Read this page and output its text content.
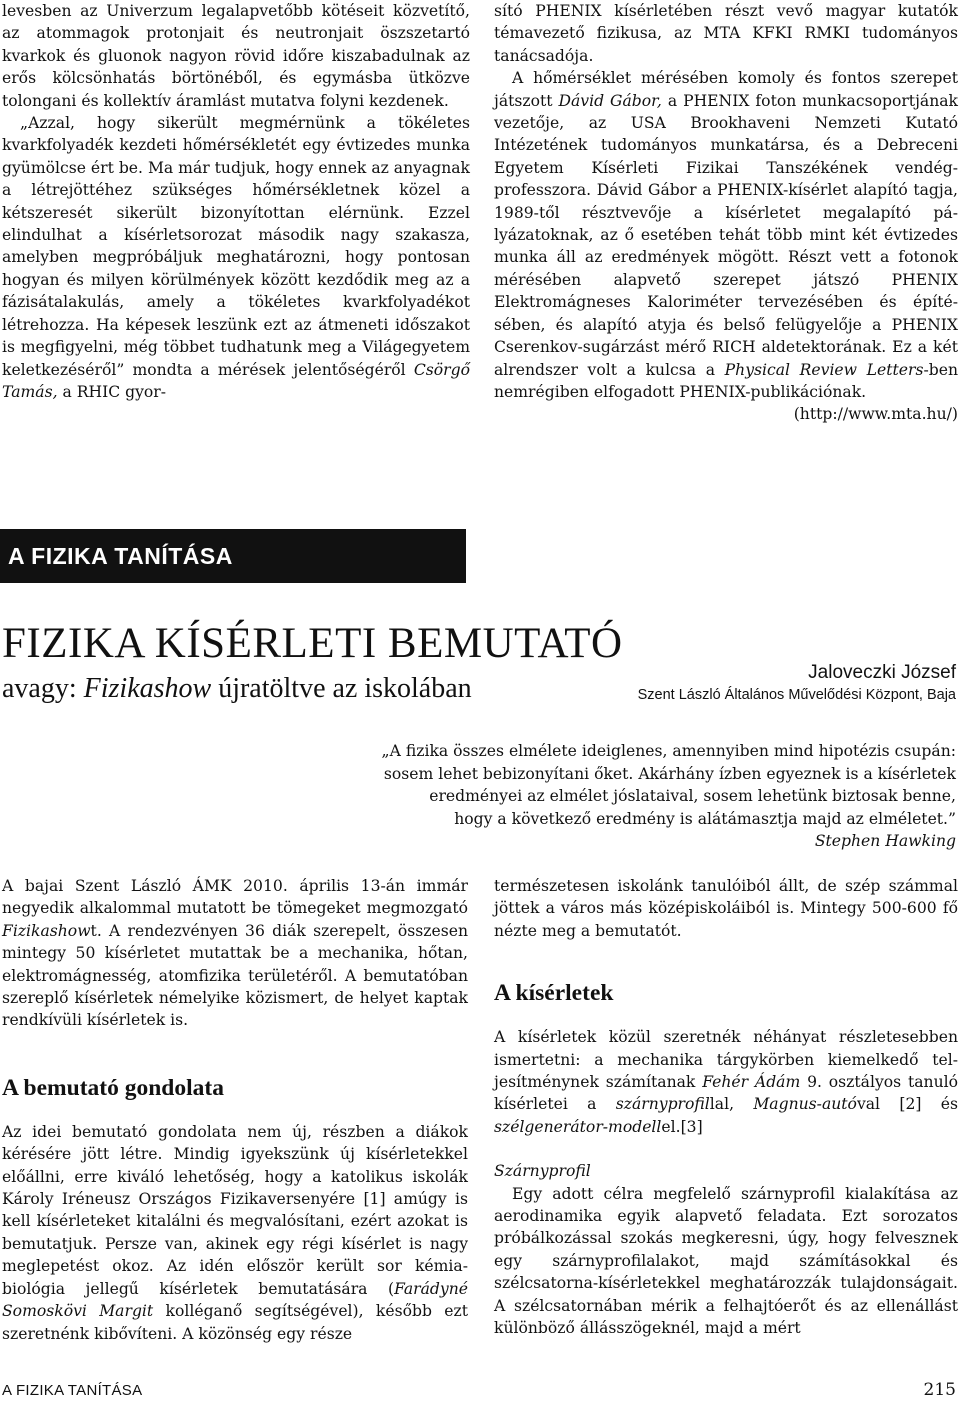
levesben az Univerzum legalapvetőbb kötéseit közvetítő, az atommagok protonjait és neutronjait öszszetartó kvarkok és gluonok nagyon rövid időre kiszabadulnak az erős kölcsönhatás börtönéből, és egymásba ütközve tolongani és kollektív áramlást mutatva folyni kezdenek.

„Azzal, hogy sikerült megmérnünk a tökéletes kvarkfolyadék kezdeti hőmérsékletét egy évtizedes munka gyümölcse ért be. Ma már tudjuk, hogy ennek az anyagnak a létrejöttéhez szükséges hőmérsékletnek közel a kétszeresét sikerült bizonyítottan elérnünk. Ezzel elindulhat a kísérletsorozat második nagy szakasza, amelyben megpróbáljuk meghatározni, hogy pontosan hogyan és milyen körülmények között kezdődik meg az a fázisátalakulás, amely a tökéletes kvarkfolyadékot létrehozza. Ha képesek leszünk ezt az átmeneti időszakot is megfigyelni, még többet tudhatunk meg a Világegyetem keletkezéséről” mondta a mérések jelentőségéről Csörgő Tamás, a RHIC gyor-

sító PHENIX kísérletében részt vevő magyar kutatók témavezető fizikusa, az MTA KFKI RMKI tudományos tanácsadója.

A hőmérséklet mérésében komoly és fontos szerepet játszott Dávid Gábor, a PHENIX foton munkacsoportjának vezetője, az USA Brookhaveni Nemzeti Kutató Intézetének tudományos munkatársa, és a Debreceni Egyetem Kísérleti Fizikai Tanszékének vendégprofesszora. Dávid Gábor a PHENIX-kísérlet alapító tagja, 1989-től résztvevője a kísérletet megalapító pályázatoknak, az ő esetében tehát több mint két évtizedes munka áll az eredmények mögött. Részt vett a fotonok mérésében alapvető szerepet játszó PHENIX Elektromágneses Kaloriméter tervezésében és építésében, és alapító atyja és belső felügyelője a PHENIX Cserenkov-sugárzást mérő RICH aldetektorának. Ez a két alrendszer volt a kulcsa a Physical Review Letters-ben nemrégiben elfogadott PHENIX-publikációnak.

(http://www.mta.hu/)

A FIZIKA TANÍTÁSA
FIZIKA KÍSÉRLETI BEMUTATÓ
avagy: Fizikashow újratöltve az iskolában
Jaloveczki József
Szent László Általános Művelődési Központ, Baja
„A fizika összes elmélete ideiglenes, amennyiben mind hipotézis csupán:
sosem lehet bebizonyítani őket. Akárhány ízben egyeznek is a kísérletek
eredményei az elmélet jóslataival, sosem lehetünk biztosak benne,
hogy a következő eredmény is alátámasztja majd az elméletet.”
Stephen Hawking

A bajai Szent László ÁMK 2010. április 13-án immár negyedik alkalommal mutatott be tömegeket megmozgató Fizikashowt. A rendezvényen 36 diák szerepelt, összesen mintegy 50 kísérletet mutattak be a mechanika, hőtan, elektromágnesség, atomfizika területéről. A bemutatóban szereplő kísérletek némelyike közismert, de helyet kaptak rendkívüli kísérletek is.

A bemutató gondolata

Az idei bemutató gondolata nem új, részben a diákok kérésére jött létre. Mindig igyekszünk új kísérletekkel előállni, erre kiváló lehetőség, hogy a katolikus iskolák Károly Iréneusz Országos Fizikaversenyére [1] amúgy is kell kísérleteket kitalálni és megvalósítani, ezért azokat is bemutatjuk. Persze van, akinek egy régi kísérlet is nagy meglepetést okoz. Az idén először került sor kémia-biológia jellegű kísérletek bemutatására (Farádyné Somoskövi Margit kolléganő segítségével), később ezt szeretnénk kibővíteni. A közönség egy része

természetesen iskolánk tanulóiból állt, de szép számmal jöttek a város más középiskoláiból is. Mintegy 500-600 fő nézte meg a bemutatót.

A kísérletek

A kísérletek közül szeretnék néhányat részletesebben ismertetni: a mechanika tárgykörben kiemelkedő teljesítménynek számítanak Fehér Ádám 9. osztályos tanuló kísérletei a szárnyprofillal, Magnus-autóval [2] és szélgenerátor-modellel.[3]

Szárnyprofil

Egy adott célra megfelelő szárnyprofil kialakítása az aerodinamika egyik alapvető feladata. Ezt sorozatos próbálkozással szokás megkeresni, úgy, hogy felvesznek egy szárnyprofilalakot, majd számításokkal és szélcsatorna-kísérletekkel meghatározzák tulajdonságait. A szélcsatornában mérik a felhajtóerőt és az ellenállást különböző állásszögeknél, majd a mért

A FIZIKA TANÍTÁSA	215
